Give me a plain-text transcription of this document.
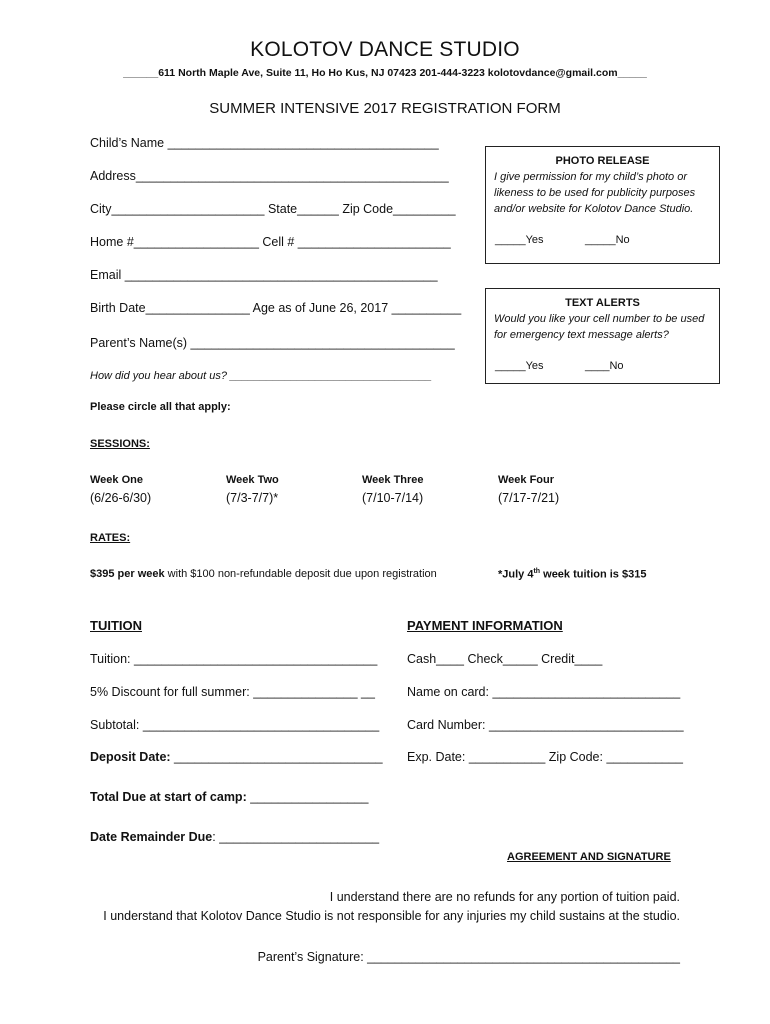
KOLOTOV DANCE STUDIO
______611 North Maple Ave, Suite 11, Ho Ho Kus, NJ 07423 201-444-3223 kolotovdance@gmail.com_____
SUMMER INTENSIVE 2017 REGISTRATION FORM
Child’s Name _______________________________________
Address_____________________________________________
City______________________ State______ Zip Code_________
Home #__________________ Cell # ______________________
Email _____________________________________________
Birth Date_______________ Age as of June 26, 2017 __________
Parent’s Name(s) ______________________________________
How did you hear about us? _________________________________
PHOTO RELEASE
I give permission for my child’s photo or likeness to be used for publicity purposes and/or website for Kolotov Dance Studio.
_____Yes	_____No
TEXT ALERTS
Would you like your cell number to be used for emergency text message alerts?
_____Yes	____No
Please circle all that apply:
SESSIONS:
Week One	Week Two	Week Three	Week Four
(6/26-6/30)	(7/3-7/7)*	(7/10-7/14)	(7/17-7/21)
RATES:
$395 per week with $100 non-refundable deposit due upon registration	*July 4th week tuition is $315
TUITION
Tuition: ___________________________________
5% Discount for full summer: _______________ __
Subtotal: __________________________________
Deposit Date: ______________________________
Total Due at start of camp: _________________
Date Remainder Due: _______________________
PAYMENT INFORMATION
Cash____ Check_____ Credit____
Name on card: ___________________________
Card Number: ____________________________
Exp. Date: ___________ Zip Code: ___________
AGREEMENT AND SIGNATURE
I understand there are no refunds for any portion of tuition paid.
I understand that Kolotov Dance Studio is not responsible for any injuries my child sustains at the studio.
Parent’s Signature: _____________________________________________
